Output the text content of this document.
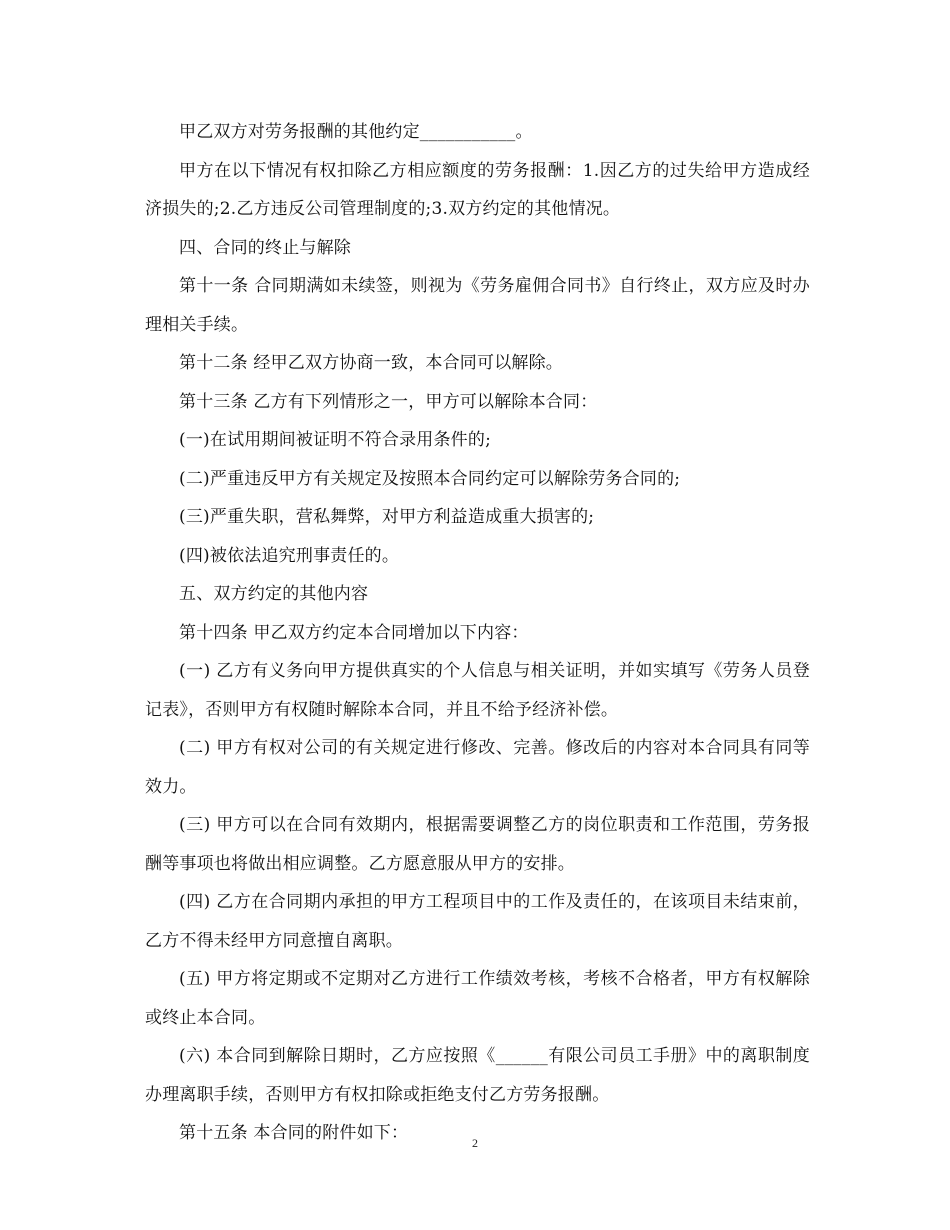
甲乙双方对劳务报酬的其他约定___________。

甲方在以下情况有权扣除乙方相应额度的劳务报酬：1.因乙方的过失给甲方造成经济损失的;2.乙方违反公司管理制度的;3.双方约定的其他情况。

四、合同的终止与解除

第十一条 合同期满如未续签，则视为《劳务雇佣合同书》自行终止，双方应及时办理相关手续。

第十二条 经甲乙双方协商一致，本合同可以解除。

第十三条 乙方有下列情形之一，甲方可以解除本合同：

(一)在试用期间被证明不符合录用条件的;

(二)严重违反甲方有关规定及按照本合同约定可以解除劳务合同的;

(三)严重失职，营私舞弊，对甲方利益造成重大损害的;

(四)被依法追究刑事责任的。

五、双方约定的其他内容

第十四条 甲乙双方约定本合同增加以下内容：

(一) 乙方有义务向甲方提供真实的个人信息与相关证明，并如实填写《劳务人员登记表》，否则甲方有权随时解除本合同，并且不给予经济补偿。

(二) 甲方有权对公司的有关规定进行修改、完善。修改后的内容对本合同具有同等效力。

(三) 甲方可以在合同有效期内，根据需要调整乙方的岗位职责和工作范围，劳务报酬等事项也将做出相应调整。乙方愿意服从甲方的安排。

(四) 乙方在合同期内承担的甲方工程项目中的工作及责任的，在该项目未结束前，乙方不得未经甲方同意擅自离职。

(五) 甲方将定期或不定期对乙方进行工作绩效考核，考核不合格者，甲方有权解除或终止本合同。

(六) 本合同到解除日期时，乙方应按照《______有限公司员工手册》中的离职制度办理离职手续，否则甲方有权扣除或拒绝支付乙方劳务报酬。

第十五条 本合同的附件如下：	2
